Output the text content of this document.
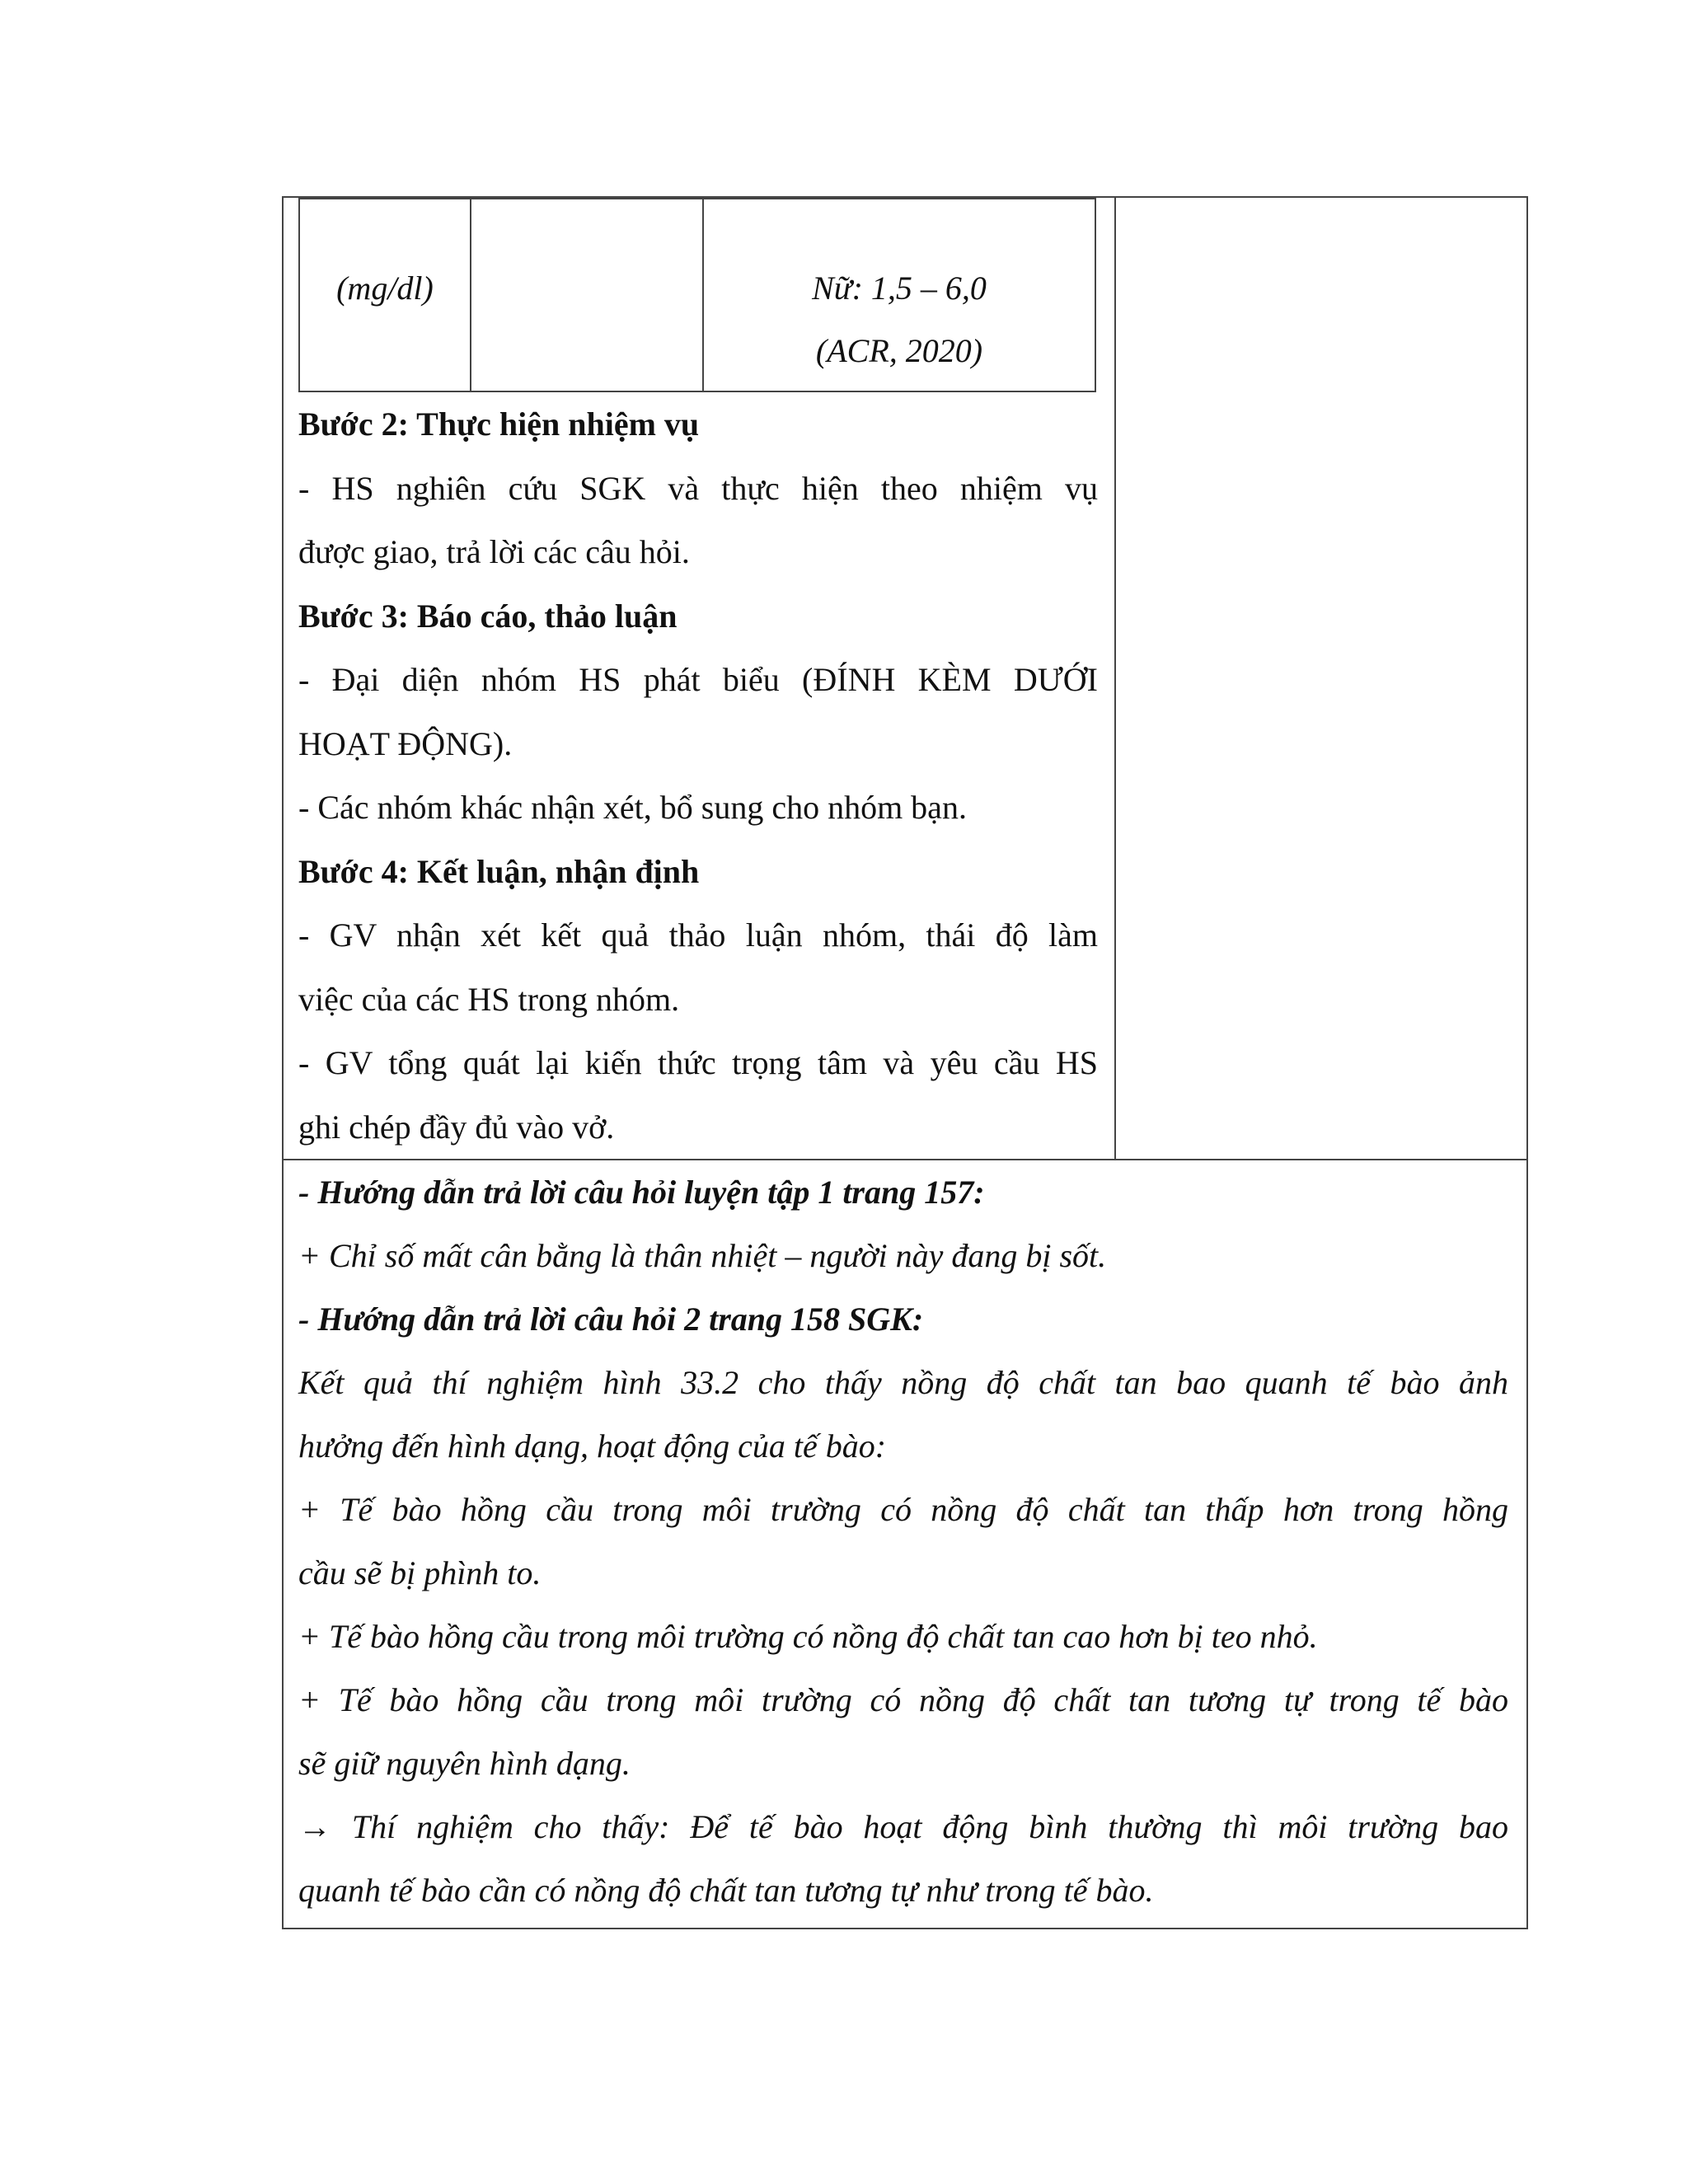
(mg/dl)	Nữ: 1,5 – 6,0

(ACR, 2020)

Bước 2: Thực hiện nhiệm vụ

- HS nghiên cứu SGK và thực hiện theo nhiệm vụ

được giao, trả lời các câu hỏi.

Bước 3: Báo cáo, thảo luận

- Đại diện nhóm HS phát biểu (ĐÍNH KÈM DƯỚI

HOẠT ĐỘNG).

- Các nhóm khác nhận xét, bổ sung cho nhóm bạn.

Bước 4: Kết luận, nhận định

- GV nhận xét kết quả thảo luận nhóm, thái độ làm

việc của các HS trong nhóm.

- GV tổng quát lại kiến thức trọng tâm và yêu cầu HS

ghi chép đầy đủ vào vở.

- Hướng dẫn trả lời câu hỏi luyện tập 1 trang 157:

+ Chỉ số mất cân bằng là thân nhiệt – người này đang bị sốt.

- Hướng dẫn trả lời câu hỏi 2 trang 158 SGK:

Kết quả thí nghiệm hình 33.2 cho thấy nồng độ chất tan bao quanh tế bào ảnh

hưởng đến hình dạng, hoạt động của tế bào:

+ Tế bào hồng cầu trong môi trường có nồng độ chất tan thấp hơn trong hồng

cầu sẽ bị phình to.

+ Tế bào hồng cầu trong môi trường có nồng độ chất tan cao hơn bị teo nhỏ.

+ Tế bào hồng cầu trong môi trường có nồng độ chất tan tương tự trong tế bào

sẽ giữ nguyên hình dạng.

→ Thí nghiệm cho thấy: Để tế bào hoạt động bình thường thì môi trường bao

quanh tế bào cần có nồng độ chất tan tương tự như trong tế bào.
